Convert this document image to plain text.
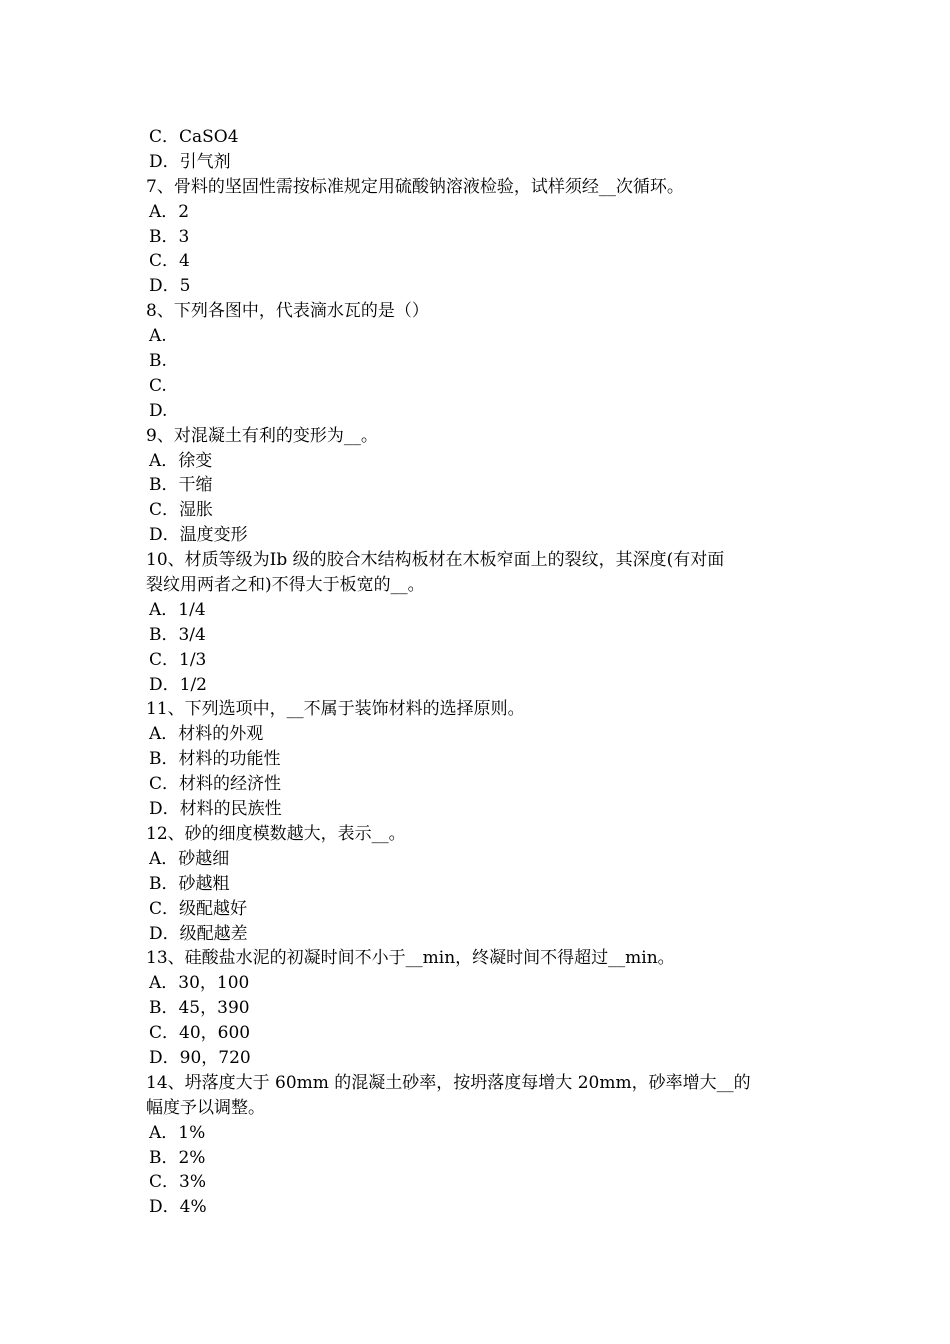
C．CaSO4
D．引气剂
7、骨料的坚固性需按标准规定用硫酸钠溶液检验，试样须经__次循环。
A．2
B．3
C．4
D．5
8、下列各图中，代表滴水瓦的是（）
A.
B.
C.
D.
9、对混凝土有利的变形为__。
A．徐变
B．干缩
C．湿胀
D．温度变形
10、材质等级为Ⅰb 级的胶合木结构板材在木板窄面上的裂纹，其深度(有对面
裂纹用两者之和)不得大于板宽的__。
A．1/4
B．3/4
C．1/3
D．1/2
11、下列选项中，__不属于装饰材料的选择原则。
A．材料的外观
B．材料的功能性
C．材料的经济性
D．材料的民族性
12、砂的细度模数越大，表示__。
A．砂越细
B．砂越粗
C．级配越好
D．级配越差
13、硅酸盐水泥的初凝时间不小于__min，终凝时间不得超过__min。
A．30，100
B．45，390
C．40，600
D．90，720
14、坍落度大于 60mm 的混凝土砂率，按坍落度每增大 20mm，砂率增大__的
幅度予以调整。
A．1%
B．2%
C．3%
D．4%
